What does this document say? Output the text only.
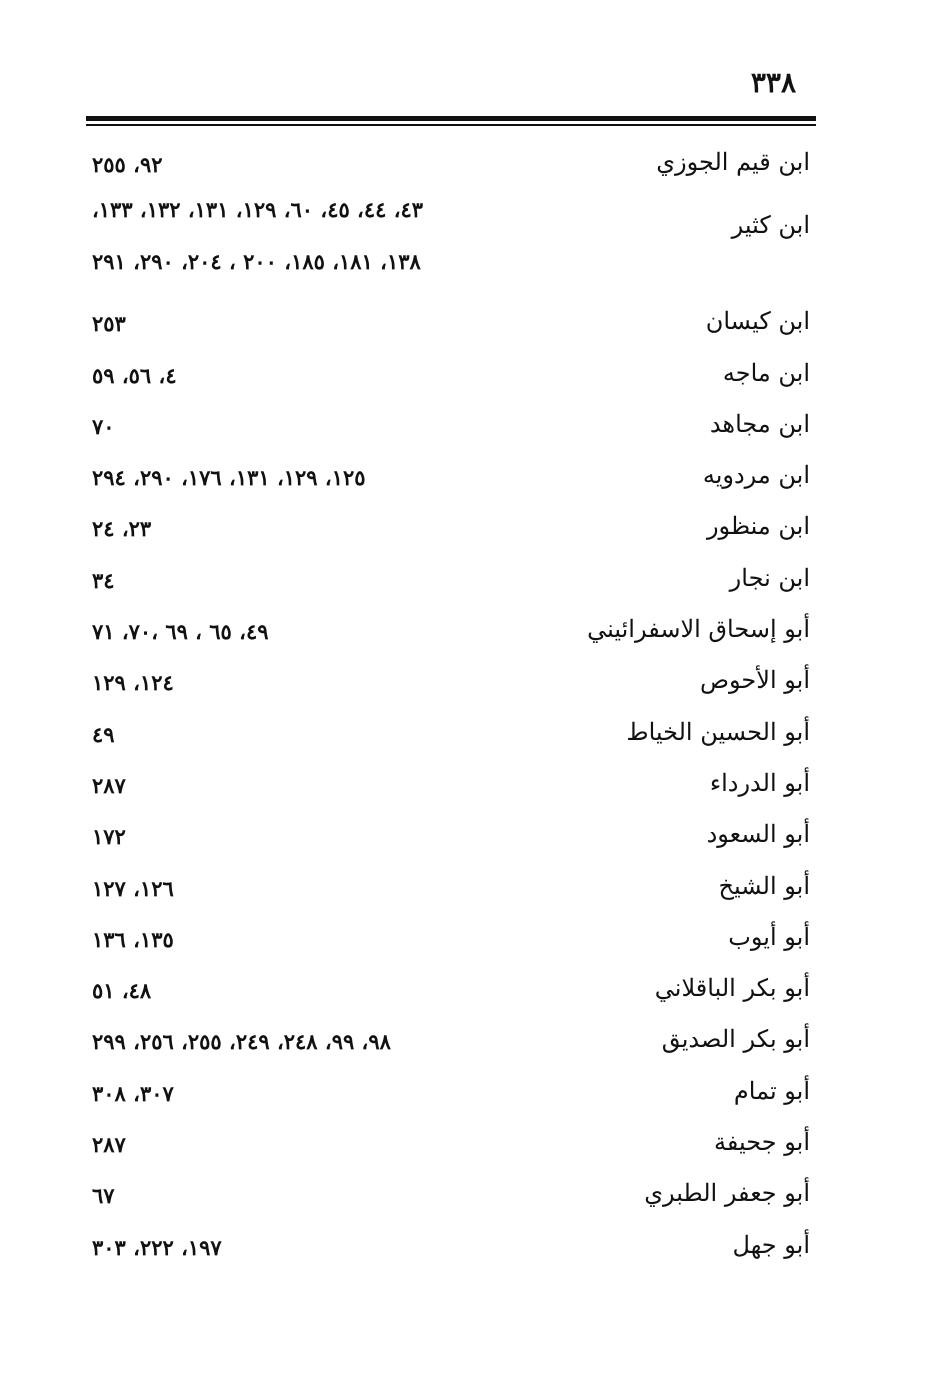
٣٣٨
ابن قيم الجوزي
٩٢، ٢٥٥
ابن كثير
٤٣، ٤٤، ٤٥، ٦٠، ١٢٩، ١٣١، ١٣٢، ١٣٣،
١٣٨، ١٨١، ١٨٥، ٢٠٠ ، ٢٠٤، ٢٩٠، ٢٩١
ابن كيسان
٢٥٣
ابن ماجه
٤، ٥٦، ٥٩
ابن مجاهد
٧٠
ابن مردويه
١٢٥، ١٢٩، ١٣١، ١٧٦، ٢٩٠، ٢٩٤
ابن منظور
٢٣، ٢٤
ابن نجار
٣٤
أبو إسحاق الاسفرائيني
٤٩، ٦٥ ، ٦٩ ،٧٠، ٧١
أبو الأحوص
١٢٤، ١٢٩
أبو الحسين الخياط
٤٩
أبو الدرداء
٢٨٧
أبو السعود
١٧٢
أبو الشيخ
١٢٦، ١٢٧
أبو أيوب
١٣٥، ١٣٦
أبو بكر الباقلاني
٤٨، ٥١
أبو بكر الصديق
٩٨، ٩٩، ٢٤٨، ٢٤٩، ٢٥٥، ٢٥٦، ٢٩٩
أبو تمام
٣٠٧، ٣٠٨
أبو جحيفة
٢٨٧
أبو جعفر الطبري
٦٧
أبو جهل
١٩٧، ٢٢٢، ٣٠٣
